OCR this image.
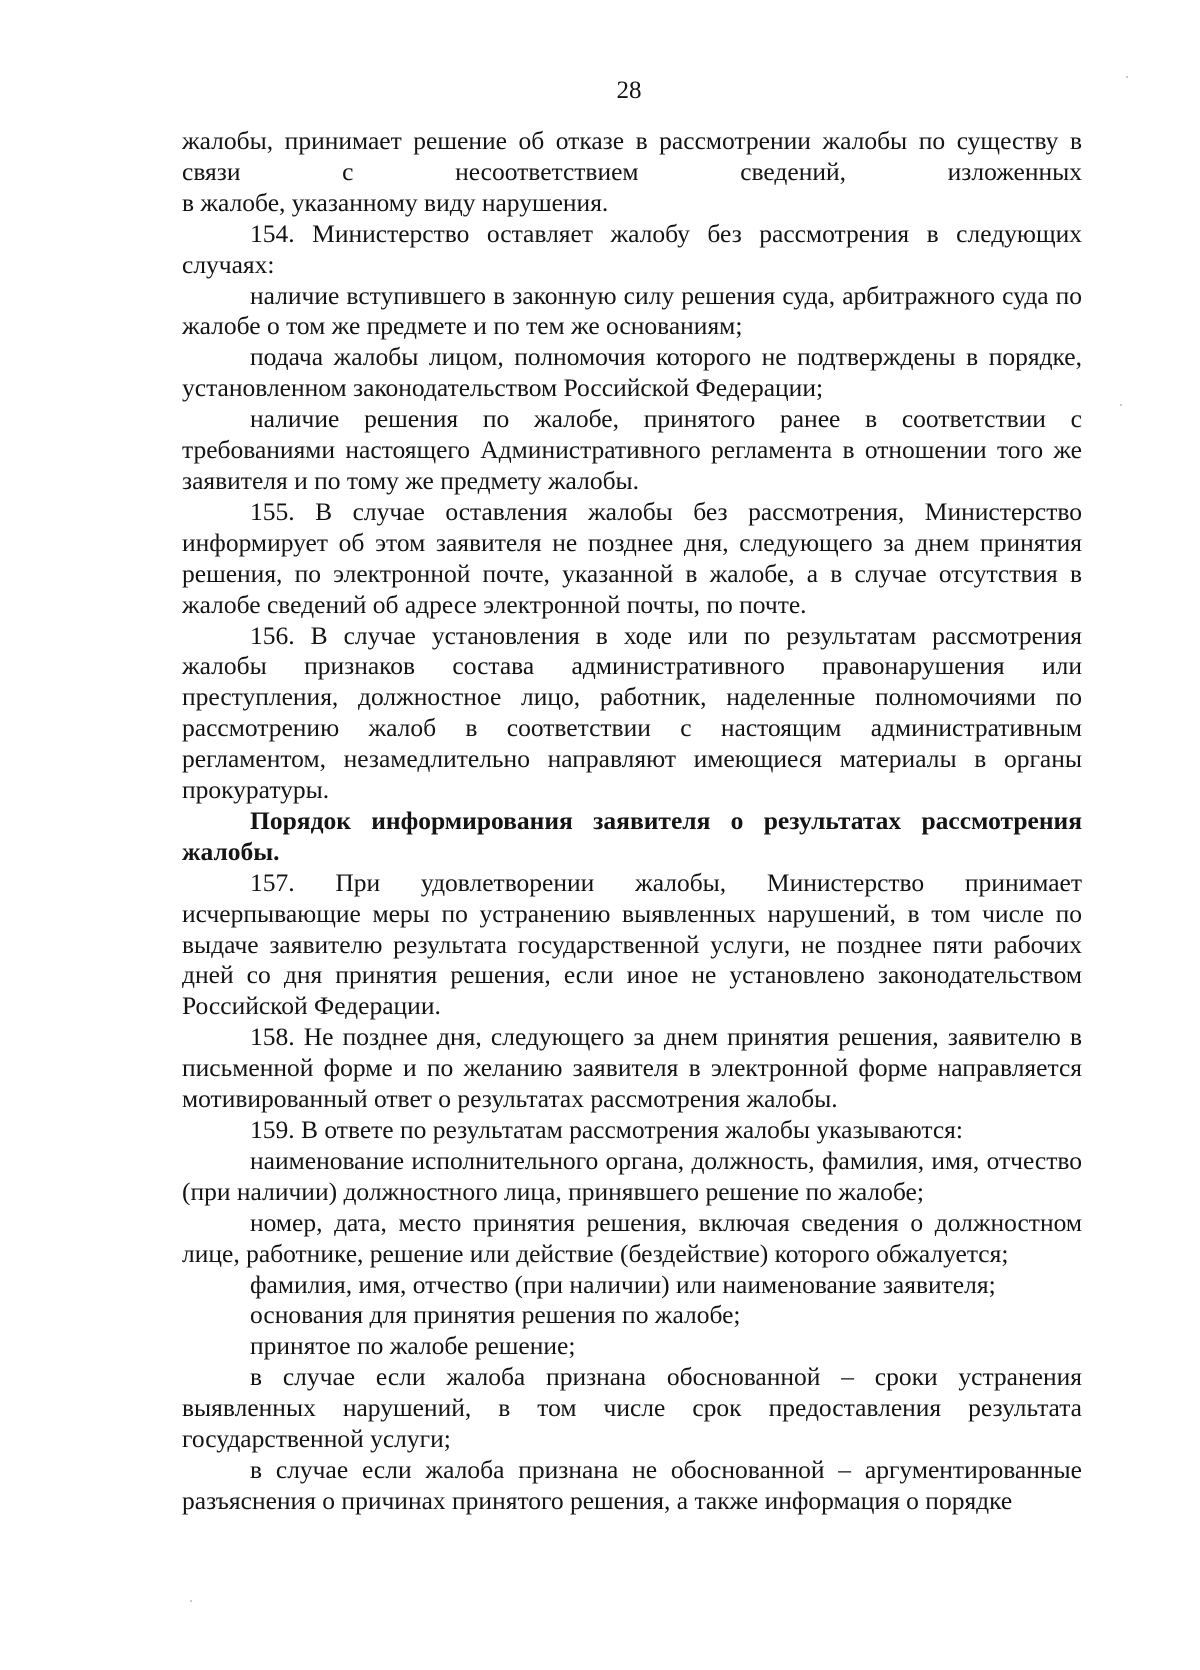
28

жалобы, принимает решение об отказе в рассмотрении жалобы по существу в
связи с несоответствием сведений, изложенных
в жалобе, указанному виду нарушения.

154. Министерство оставляет жалобу без рассмотрения в следующих случаях:

наличие вступившего в законную силу решения суда, арбитражного суда по жалобе о том же предмете и по тем же основаниям;

подача жалобы лицом, полномочия которого не подтверждены в порядке, установленном законодательством Российской Федерации;

наличие решения по жалобе, принятого ранее в соответствии с требованиями настоящего Административного регламента в отношении того же заявителя и по тому же предмету жалобы.

155. В случае оставления жалобы без рассмотрения, Министерство информирует об этом заявителя не позднее дня, следующего за днем принятия решения, по электронной почте, указанной в жалобе, а в случае отсутствия в жалобе сведений об адресе электронной почты, по почте.

156. В случае установления в ходе или по результатам рассмотрения жалобы признаков состава административного правонарушения или преступления, должностное лицо, работник, наделенные полномочиями по рассмотрению жалоб в соответствии с настоящим административным регламентом, незамедлительно направляют имеющиеся материалы в органы прокуратуры.

Порядок информирования заявителя о результатах рассмотрения жалобы.

157. При удовлетворении жалобы, Министерство принимает исчерпывающие меры по устранению выявленных нарушений, в том числе по выдаче заявителю результата государственной услуги, не позднее пяти рабочих дней со дня принятия решения, если иное не установлено законодательством Российской Федерации.

158. Не позднее дня, следующего за днем принятия решения, заявителю в письменной форме и по желанию заявителя в электронной форме направляется мотивированный ответ о результатах рассмотрения жалобы.

159. В ответе по результатам рассмотрения жалобы указываются:

наименование исполнительного органа, должность, фамилия, имя, отчество (при наличии) должностного лица, принявшего решение по жалобе;

номер, дата, место принятия решения, включая сведения о должностном лице, работнике, решение или действие (бездействие) которого обжалуется;

фамилия, имя, отчество (при наличии) или наименование заявителя;

основания для принятия решения по жалобе;

принятое по жалобе решение;

в случае если жалоба признана обоснованной – сроки устранения выявленных нарушений, в том числе срок предоставления результата государственной услуги;

в случае если жалоба признана не обоснованной – аргументированные разъяснения о причинах принятого решения, а также информация о порядке
